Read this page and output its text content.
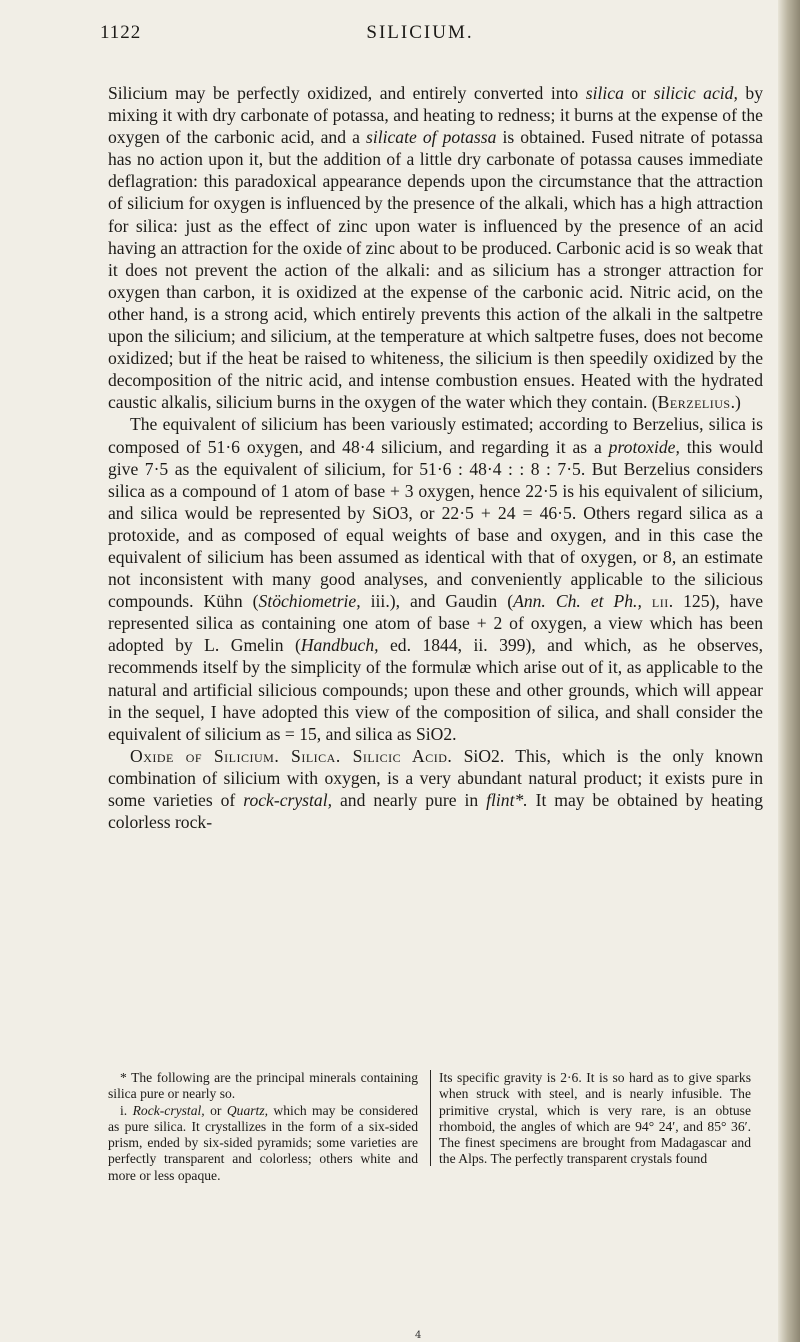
1122	SILICIUM.

Silicium may be perfectly oxidized, and entirely converted into silica or silicic acid, by mixing it with dry carbonate of potassa, and heating to redness; it burns at the expense of the oxygen of the carbonic acid, and a silicate of potassa is obtained. Fused nitrate of potassa has no action upon it, but the addition of a little dry carbonate of potassa causes immediate deflagration: this paradoxical appearance depends upon the circumstance that the attraction of silicium for oxygen is influenced by the presence of the alkali, which has a high attraction for silica: just as the effect of zinc upon water is influenced by the presence of an acid having an attraction for the oxide of zinc about to be produced. Carbonic acid is so weak that it does not prevent the action of the alkali: and as silicium has a stronger attraction for oxygen than carbon, it is oxidized at the expense of the carbonic acid. Nitric acid, on the other hand, is a strong acid, which entirely prevents this action of the alkali in the saltpetre upon the silicium; and silicium, at the temperature at which saltpetre fuses, does not become oxidized; but if the heat be raised to whiteness, the silicium is then speedily oxidized by the decomposition of the nitric acid, and intense combustion ensues. Heated with the hydrated caustic alkalis, silicium burns in the oxygen of the water which they contain. (Berzelius.)

The equivalent of silicium has been variously estimated; according to Berzelius, silica is composed of 51·6 oxygen, and 48·4 silicium, and regarding it as a protoxide, this would give 7·5 as the equivalent of silicium, for 51·6 : 48·4 : : 8 : 7·5. But Berzelius considers silica as a compound of 1 atom of base + 3 oxygen, hence 22·5 is his equivalent of silicium, and silica would be represented by SiO3, or 22·5 + 24 = 46·5. Others regard silica as a protoxide, and as composed of equal weights of base and oxygen, and in this case the equivalent of silicium has been assumed as identical with that of oxygen, or 8, an estimate not inconsistent with many good analyses, and conveniently applicable to the silicious compounds. Kühn (Stöchiometrie, iii.), and Gaudin (Ann. Ch. et Ph., lii. 125), have represented silica as containing one atom of base + 2 of oxygen, a view which has been adopted by L. Gmelin (Handbuch, ed. 1844, ii. 399), and which, as he observes, recommends itself by the simplicity of the formulæ which arise out of it, as applicable to the natural and artificial silicious compounds; upon these and other grounds, which will appear in the sequel, I have adopted this view of the composition of silica, and shall consider the equivalent of silicium as = 15, and silica as SiO2.

Oxide of Silicium. Silica. Silicic Acid. SiO2. This, which is the only known combination of silicium with oxygen, is a very abundant natural product; it exists pure in some varieties of rock-crystal, and nearly pure in flint*. It may be obtained by heating colorless rock-

* The following are the principal minerals containing silica pure or nearly so.

i. Rock-crystal, or Quartz, which may be considered as pure silica. It crystallizes in the form of a six-sided prism, ended by six-sided pyramids; some varieties are perfectly transparent and colorless; others white and more or less opaque.

Its specific gravity is 2·6. It is so hard as to give sparks when struck with steel, and is nearly infusible. The primitive crystal, which is very rare, is an obtuse rhomboid, the angles of which are 94° 24′, and 85° 36′. The finest specimens are brought from Madagascar and the Alps. The perfectly transparent crystals found

4
